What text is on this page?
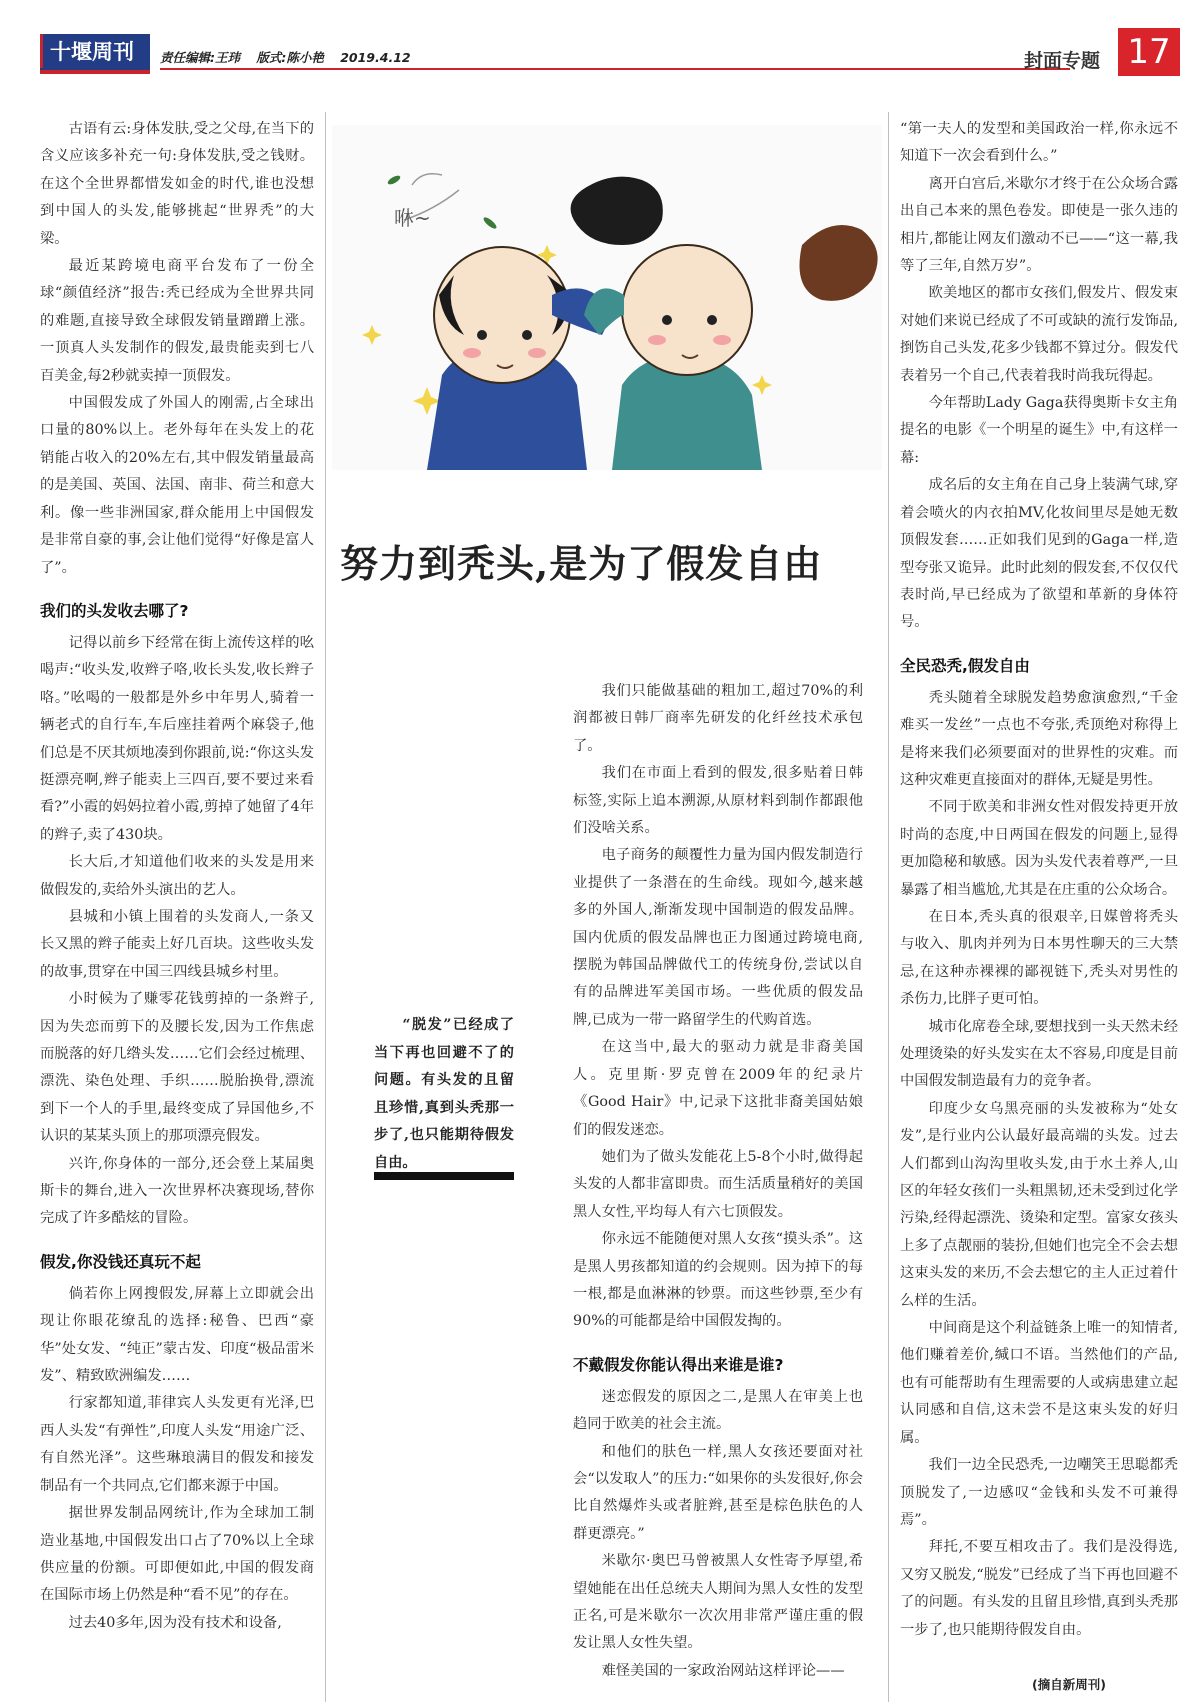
十堰周刊	责任编辑:王玮 版式:陈小艳 2019.4.12	封面专题 17

古语有云:身体发肤,受之父母,在当下的含义应该多补充一句:身体发肤,受之钱财。在这个全世界都惜发如金的时代,谁也没想到中国人的头发,能够挑起“世界秃”的大梁。

最近某跨境电商平台发布了一份全球“颜值经济”报告:秃已经成为全世界共同的难题,直接导致全球假发销量蹭蹭上涨。一顶真人头发制作的假发,最贵能卖到七八百美金,每2秒就卖掉一顶假发。

中国假发成了外国人的刚需,占全球出口量的80%以上。老外每年在头发上的花销能占收入的20%左右,其中假发销量最高的是美国、英国、法国、南非、荷兰和意大利。像一些非洲国家,群众能用上中国假发是非常自豪的事,会让他们觉得“好像是富人了”。

我们的头发收去哪了?

记得以前乡下经常在街上流传这样的吆喝声:“收头发,收辫子咯,收长头发,收长辫子咯。”吆喝的一般都是外乡中年男人,骑着一辆老式的自行车,车后座挂着两个麻袋子,他们总是不厌其烦地凑到你跟前,说:“你这头发挺漂亮啊,辫子能卖上三四百,要不要过来看看?”小霞的妈妈拉着小霞,剪掉了她留了4年的辫子,卖了430块。

长大后,才知道他们收来的头发是用来做假发的,卖给外头演出的艺人。

县城和小镇上围着的头发商人,一条又长又黑的辫子能卖上好几百块。这些收头发的故事,贯穿在中国三四线县城乡村里。

小时候为了赚零花钱剪掉的一条辫子,因为失恋而剪下的及腰长发,因为工作焦虑而脱落的好几绺头发……它们会经过梳理、漂洗、染色处理、手织……脱胎换骨,漂流到下一个人的手里,最终变成了异国他乡,不认识的某某头顶上的那项漂亮假发。

兴许,你身体的一部分,还会登上某届奥斯卡的舞台,进入一次世界杯决赛现场,替你完成了许多酷炫的冒险。

假发,你没钱还真玩不起

倘若你上网搜假发,屏幕上立即就会出现让你眼花缭乱的选择:秘鲁、巴西“豪华”处女发、“纯正”蒙古发、印度“极品雷米发”、精致欧洲编发……

行家都知道,菲律宾人头发更有光泽,巴西人头发“有弹性”,印度人头发“用途广泛、有自然光泽”。这些琳琅满目的假发和接发制品有一个共同点,它们都来源于中国。

据世界发制品网统计,作为全球加工制造业基地,中国假发出口占了70%以上全球供应量的份额。可即便如此,中国的假发商在国际市场上仍然是种“看不见”的存在。

过去40多年,因为没有技术和设备,

咻~
努力到秃头,是为了假发自由

“脱发”已经成了当下再也回避不了的问题。有头发的且留且珍惜,真到头秃那一步了,也只能期待假发自由。

我们只能做基础的粗加工,超过70%的利润都被日韩厂商率先研发的化纤丝技术承包了。

我们在市面上看到的假发,很多贴着日韩标签,实际上追本溯源,从原材料到制作都跟他们没啥关系。

电子商务的颠覆性力量为国内假发制造行业提供了一条潜在的生命线。现如今,越来越多的外国人,渐渐发现中国制造的假发品牌。国内优质的假发品牌也正力图通过跨境电商,摆脱为韩国品牌做代工的传统身份,尝试以自有的品牌进军美国市场。一些优质的假发品牌,已成为一带一路留学生的代购首选。

在这当中,最大的驱动力就是非裔美国人。克里斯·罗克曾在2009年的纪录片《Good Hair》中,记录下这批非裔美国姑娘们的假发迷恋。

她们为了做头发能花上5-8个小时,做得起头发的人都非富即贵。而生活质量稍好的美国黑人女性,平均每人有六七顶假发。

你永远不能随便对黑人女孩“摸头杀”。这是黑人男孩都知道的约会规则。因为掉下的每一根,都是血淋淋的钞票。而这些钞票,至少有90%的可能都是给中国假发掏的。

不戴假发你能认得出来谁是谁?

迷恋假发的原因之二,是黑人在审美上也趋同于欧美的社会主流。

和他们的肤色一样,黑人女孩还要面对社会“以发取人”的压力:“如果你的头发很好,你会比自然爆炸头或者脏辫,甚至是棕色肤色的人群更漂亮。”

米歇尔·奥巴马曾被黑人女性寄予厚望,希望她能在出任总统夫人期间为黑人女性的发型正名,可是米歇尔一次次用非常严谨庄重的假发让黑人女性失望。

难怪美国的一家政治网站这样评论——

“第一夫人的发型和美国政治一样,你永远不知道下一次会看到什么。”

离开白宫后,米歇尔才终于在公众场合露出自己本来的黑色卷发。即使是一张久违的相片,都能让网友们激动不已——“这一幕,我等了三年,自然万岁”。

欧美地区的都市女孩们,假发片、假发束对她们来说已经成了不可或缺的流行发饰品,捯饬自己头发,花多少钱都不算过分。假发代表着另一个自己,代表着我时尚我玩得起。

今年帮助Lady Gaga获得奥斯卡女主角提名的电影《一个明星的诞生》中,有这样一幕:

成名后的女主角在自己身上装满气球,穿着会喷火的内衣拍MV,化妆间里尽是她无数顶假发套……正如我们见到的Gaga一样,造型夸张又诡异。此时此刻的假发套,不仅仅代表时尚,早已经成为了欲望和革新的身体符号。

全民恐秃,假发自由

秃头随着全球脱发趋势愈演愈烈,“千金难买一发丝”一点也不夸张,秃顶绝对称得上是将来我们必须要面对的世界性的灾难。而这种灾难更直接面对的群体,无疑是男性。

不同于欧美和非洲女性对假发持更开放时尚的态度,中日两国在假发的问题上,显得更加隐秘和敏感。因为头发代表着尊严,一旦暴露了相当尴尬,尤其是在庄重的公众场合。

在日本,秃头真的很艰辛,日媒曾将秃头与收入、肌肉并列为日本男性聊天的三大禁忌,在这种赤裸裸的鄙视链下,秃头对男性的杀伤力,比胖子更可怕。

城市化席卷全球,要想找到一头天然未经处理烫染的好头发实在太不容易,印度是目前中国假发制造最有力的竞争者。

印度少女乌黑亮丽的头发被称为“处女发”,是行业内公认最好最高端的头发。过去人们都到山沟沟里收头发,由于水土养人,山区的年轻女孩们一头粗黑韧,还未受到过化学污染,经得起漂洗、烫染和定型。富家女孩头上多了点靓丽的装扮,但她们也完全不会去想这束头发的来历,不会去想它的主人正过着什么样的生活。

中间商是这个利益链条上唯一的知情者,他们赚着差价,缄口不语。当然他们的产品,也有可能帮助有生理需要的人或病患建立起认同感和自信,这未尝不是这束头发的好归属。

我们一边全民恐秃,一边嘲笑王思聪都秃顶脱发了,一边感叹“金钱和头发不可兼得焉”。

拜托,不要互相攻击了。我们是没得选,又穷又脱发,“脱发”已经成了当下再也回避不了的问题。有头发的且留且珍惜,真到头秃那一步了,也只能期待假发自由。

(摘自新周刊)
